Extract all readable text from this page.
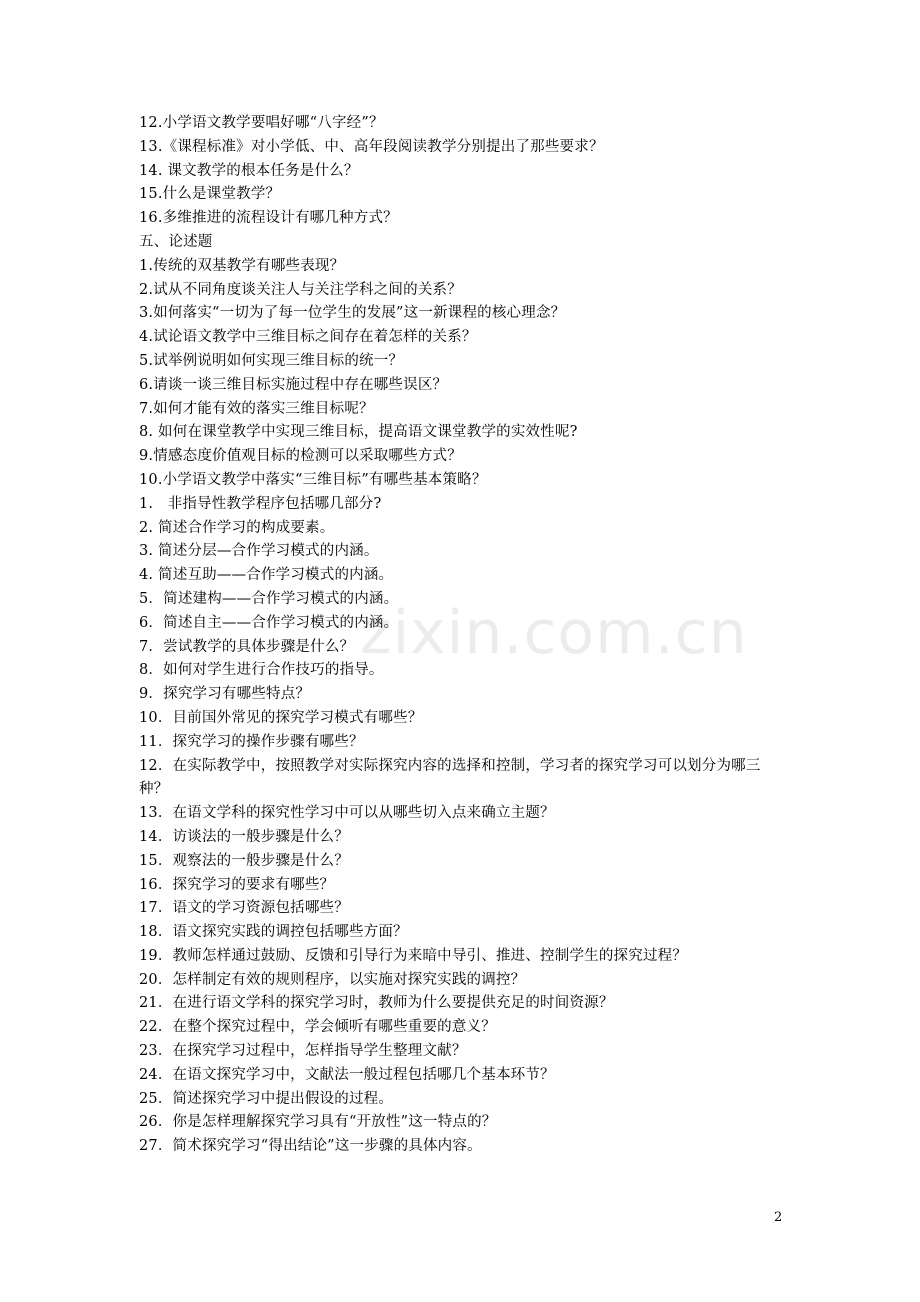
12.小学语文教学要唱好哪“八字经”？
13.《课程标准》对小学低、中、高年段阅读教学分别提出了那些要求？
14. 课文教学的根本任务是什么？
15.什么是课堂教学？
16.多维推进的流程设计有哪几种方式？
五、论述题
1.传统的双基教学有哪些表现？
2.试从不同角度谈关注人与关注学科之间的关系？
3.如何落实“一切为了每一位学生的发展”这一新课程的核心理念？
4.试论语文教学中三维目标之间存在着怎样的关系？
5.试举例说明如何实现三维目标的统一？
6.请谈一谈三维目标实施过程中存在哪些误区？
7.如何才能有效的落实三维目标呢？
8. 如何在课堂教学中实现三维目标，提高语文课堂教学的实效性呢?
9.情感态度价值观目标的检测可以采取哪些方式？
10.小学语文教学中落实“三维目标”有哪些基本策略？
1.   非指导性教学程序包括哪几部分?
2. 简述合作学习的构成要素。
3. 简述分层—合作学习模式的内涵。
4. 简述互助——合作学习模式的内涵。
5．简述建构——合作学习模式的内涵。
6．简述自主——合作学习模式的内涵。
7．尝试教学的具体步骤是什么？
8．如何对学生进行合作技巧的指导。
9．探究学习有哪些特点？
10．目前国外常见的探究学习模式有哪些？
11．探究学习的操作步骤有哪些？
12．在实际教学中，按照教学对实际探究内容的选择和控制，学习者的探究学习可以划分为哪三种？
13．在语文学科的探究性学习中可以从哪些切入点来确立主题？
14．访谈法的一般步骤是什么？
15．观察法的一般步骤是什么？
16．探究学习的要求有哪些？
17．语文的学习资源包括哪些？
18．语文探究实践的调控包括哪些方面？
19．教师怎样通过鼓励、反馈和引导行为来暗中导引、推进、控制学生的探究过程？
20．怎样制定有效的规则程序，以实施对探究实践的调控？
21．在进行语文学科的探究学习时，教师为什么要提供充足的时间资源？
22．在整个探究过程中，学会倾听有哪些重要的意义？
23．在探究学习过程中，怎样指导学生整理文献？
24．在语文探究学习中，文献法一般过程包括哪几个基本环节？
25．简述探究学习中提出假设的过程。
26．你是怎样理解探究学习具有“开放性”这一特点的？
27．简术探究学习“得出结论”这一步骤的具体内容。
zixin.com.cn
2
